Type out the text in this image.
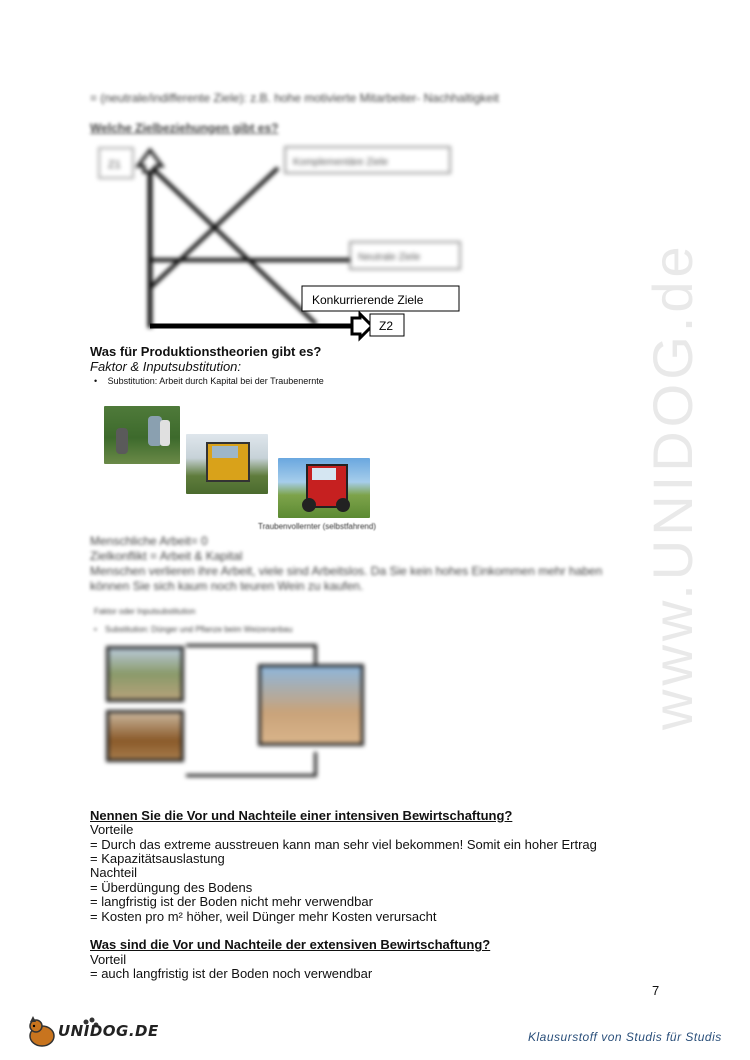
www.UNIDOG.de
= (neutrale/indifferente Ziele): z.B. hohe motivierte Mitarbeiter- Nachhaltigkeit
Welche Zielbeziehungen gibt es?
Z1	Komplementäre Ziele
Neutrale Ziele
Konkurrierende Ziele
Z2
Was für Produktionstheorien gibt es?
Faktor & Inputsubstitution:
• Substitution: Arbeit durch Kapital bei der Traubenernte
Traubenvollernter (selbstfahrend)
Menschliche Arbeit= 0
Zielkonflikt = Arbeit & Kapital
Menschen verlieren ihre Arbeit, viele sind Arbeitslos. Da Sie kein hohes Einkommen mehr haben
können Sie sich kaum noch teuren Wein zu kaufen.
Faktor oder Inputsubstitution
• Substitution: Dünger und Pflanze beim Weizenanbau
Nennen Sie die Vor und Nachteile einer intensiven Bewirtschaftung?
Vorteile
= Durch das extreme ausstreuen kann man sehr viel bekommen! Somit ein hoher Ertrag
= Kapazitätsauslastung
Nachteil
= Überdüngung des Bodens
= langfristig ist der Boden nicht mehr verwendbar
= Kosten pro m² höher, weil Dünger mehr Kosten verursacht
Was sind die Vor und Nachteile der extensiven Bewirtschaftung?
Vorteil
= auch langfristig ist der Boden noch verwendbar
7
UNIDOG.DE	Klausurstoff von Studis für Studis
